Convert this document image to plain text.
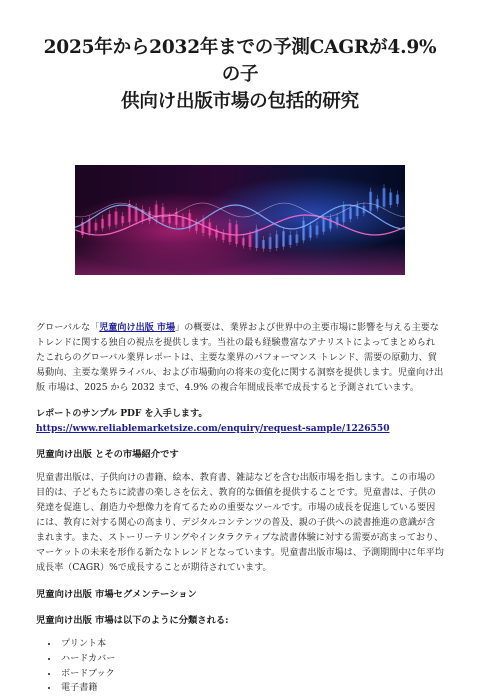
2025年から2032年までの予測CAGRが4.9%の子
供向け出版市場の包括的研究

グローバルな「児童向け出版 市場」の概要は、業界および世界中の主要市場に影響を与える主要なトレンドに関する独自の視点を提供します。当社の最も経験豊富なアナリストによってまとめられたこれらのグローバル業界レポートは、主要な業界のパフォーマンス トレンド、需要の原動力、貿易動向、主要な業界ライバル、および市場動向の将来の変化に関する洞察を提供します。児童向け出版 市場は、2025 から 2032 まで、4.9% の複合年間成長率で成長すると予測されています。

レポートのサンプル PDF を入手します。 https://www.reliablemarketsize.com/enquiry/request-sample/1226550

児童向け出版 とその市場紹介です

児童書出版は、子供向けの書籍、絵本、教育書、雑誌などを含む出版市場を指します。この市場の目的は、子どもたちに読書の楽しさを伝え、教育的な価値を提供することです。児童書は、子供の発達を促進し、創造力や想像力を育てるための重要なツールです。市場の成長を促進している要因には、教育に対する関心の高まり、デジタルコンテンツの普及、親の子供への読書推進の意識が含まれます。また、ストーリーテリングやインタラクティブな読書体験に対する需要が高まっており、マーケットの未来を形作る新たなトレンドとなっています。児童書出版市場は、予測期間中に年平均成長率（CAGR）%で成長することが期待されています。

児童向け出版 市場セグメンテーション
児童向け出版 市場は以下のように分類される:
• プリント本
• ハードカバー
• ボードブック
• 電子書籍
